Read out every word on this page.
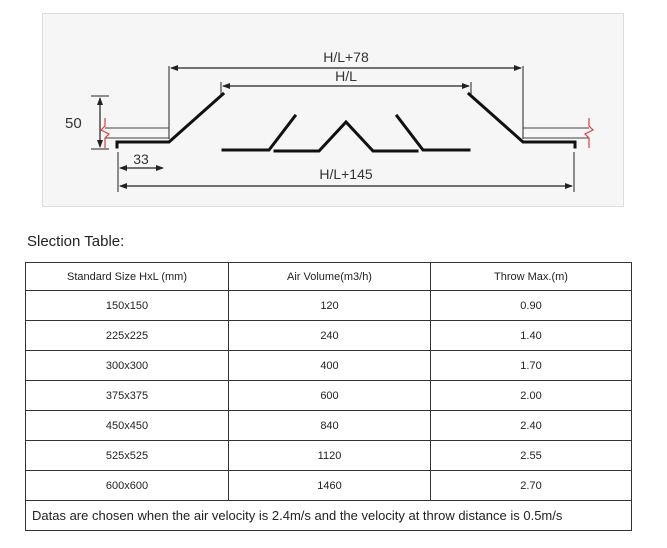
H/L+78
H/L
H/L+145
50
33
Slection Table:
Standard Size HxL (mm)	Air Volume(m3/h)	Throw Max.(m)
150x150	120	0.90
225x225	240	1.40
300x300	400	1.70
375x375	600	2.00
450x450	840	2.40
525x525	1120	2.55
600x600	1460	2.70
Datas are chosen when the air velocity is 2.4m/s and the velocity at throw distance is 0.5m/s		
